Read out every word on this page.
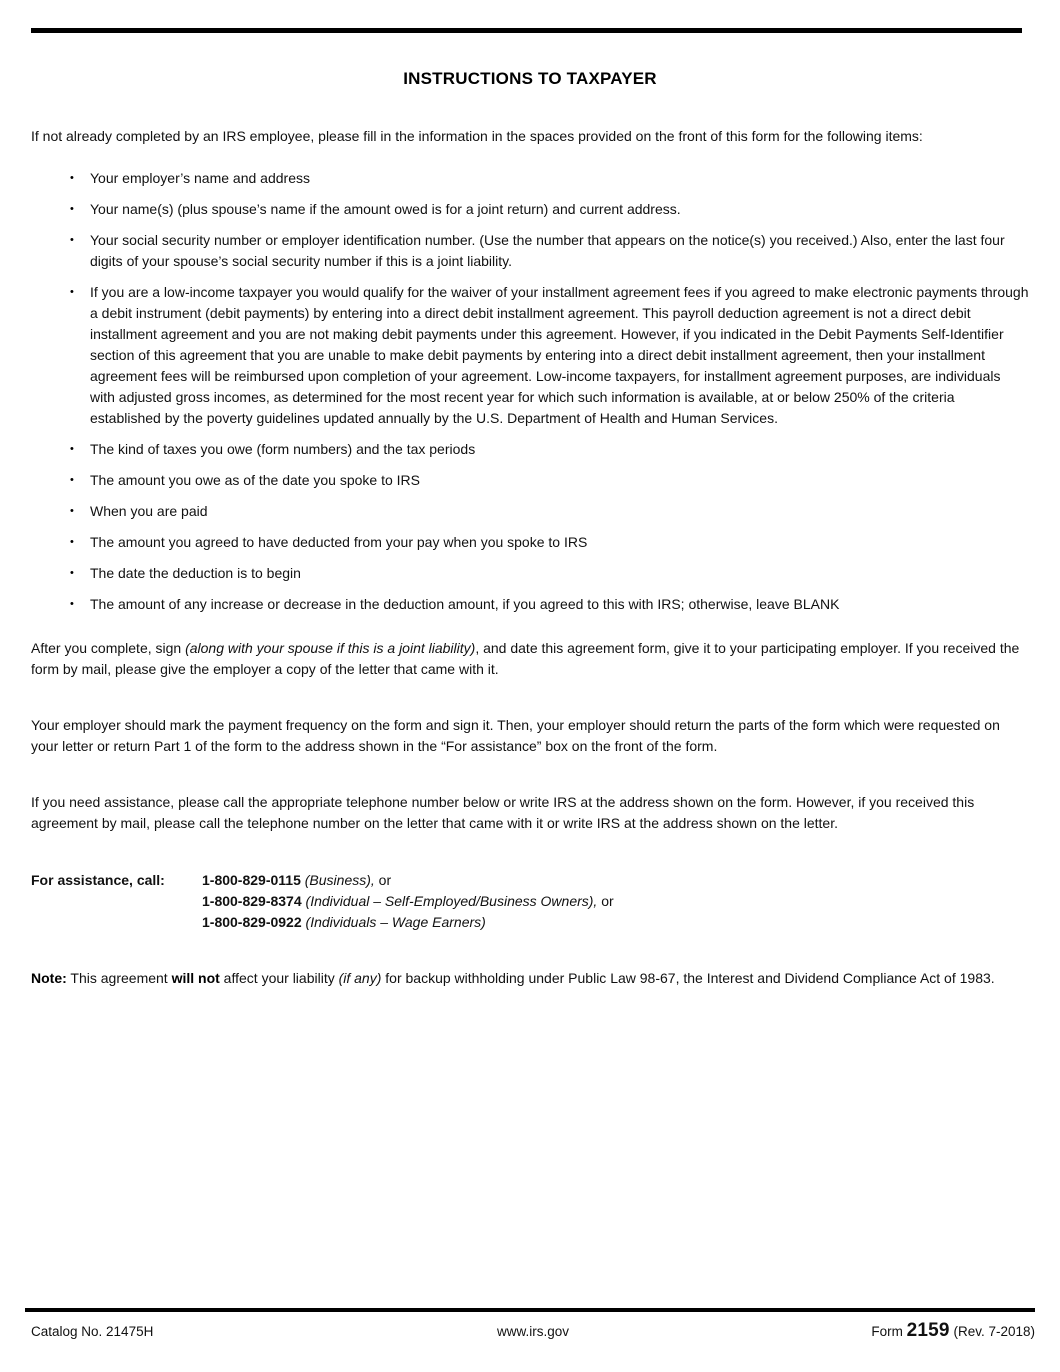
INSTRUCTIONS TO TAXPAYER

If not already completed by an IRS employee, please fill in the information in the spaces provided on the front of this form for the following items:

•	Your employer’s name and address
•	Your name(s) (plus spouse’s name if the amount owed is for a joint return) and current address.
•	Your social security number or employer identification number. (Use the number that appears on the notice(s) you received.) Also, enter the last four digits of your spouse’s social security number if this is a joint liability.
•	If you are a low-income taxpayer you would qualify for the waiver of your installment agreement fees if you agreed to make electronic payments through a debit instrument (debit payments) by entering into a direct debit installment agreement. This payroll deduction agreement is not a direct debit installment agreement and you are not making debit payments under this agreement. However, if you indicated in the Debit Payments Self-Identifier section of this agreement that you are unable to make debit payments by entering into a direct debit installment agreement, then your installment agreement fees will be reimbursed upon completion of your agreement. Low-income taxpayers, for installment agreement purposes, are individuals with adjusted gross incomes, as determined for the most recent year for which such information is available, at or below 250% of the criteria established by the poverty guidelines updated annually by the U.S. Department of Health and Human Services.
•	The kind of taxes you owe (form numbers) and the tax periods
•	The amount you owe as of the date you spoke to IRS
•	When you are paid
•	The amount you agreed to have deducted from your pay when you spoke to IRS
•	The date the deduction is to begin
•	The amount of any increase or decrease in the deduction amount, if you agreed to this with IRS; otherwise, leave BLANK

After you complete, sign (along with your spouse if this is a joint liability), and date this agreement form, give it to your participating employer. If you received the form by mail, please give the employer a copy of the letter that came with it.

Your employer should mark the payment frequency on the form and sign it. Then, your employer should return the parts of the form which were requested on your letter or return Part 1 of the form to the address shown in the “For assistance” box on the front of the form.

If you need assistance, please call the appropriate telephone number below or write IRS at the address shown on the form. However, if you received this agreement by mail, please call the telephone number on the letter that came with it or write IRS at the address shown on the letter.

For assistance, call:	1-800-829-0115 (Business), or
1-800-829-8374 (Individual – Self-Employed/Business Owners), or
1-800-829-0922 (Individuals – Wage Earners)

Note: This agreement will not affect your liability (if any) for backup withholding under Public Law 98-67, the Interest and Dividend Compliance Act of 1983.

Catalog No. 21475H	www.irs.gov	Form 2159 (Rev. 7-2018)
